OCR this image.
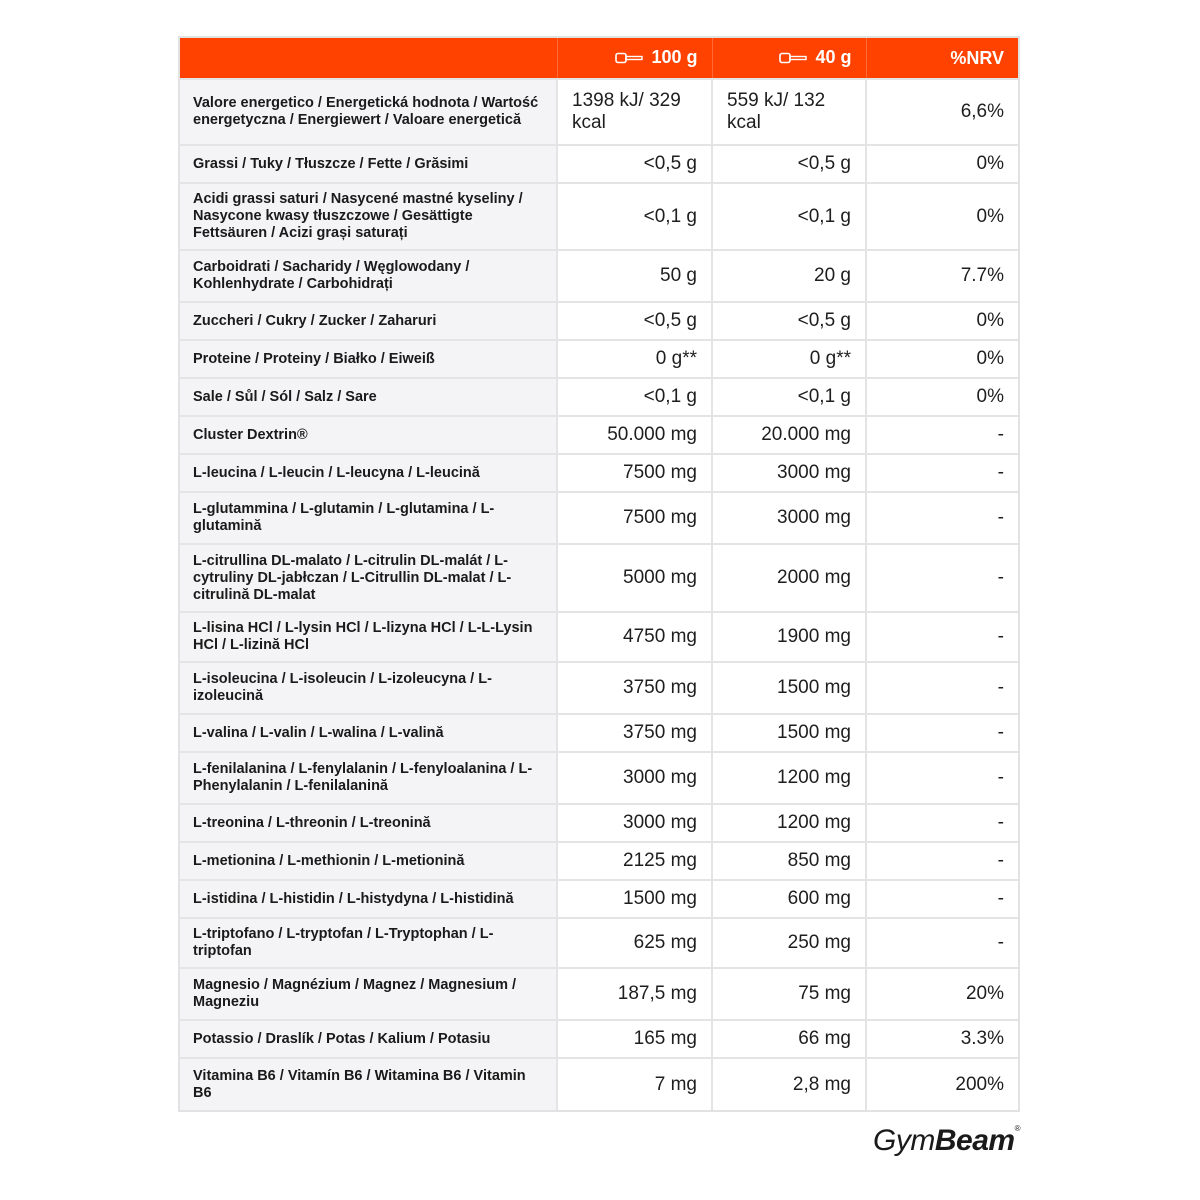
	100 g	40 g	%NRV
Valore energetico / Energetická hodnota / Wartość energetyczna / Energiewert / Valoare energetică	1398 kJ/ 329 kcal	559 kJ/ 132 kcal	6,6%
Grassi / Tuky / Tłuszcze / Fette / Grăsimi	<0,5 g	<0,5 g	0%
Acidi grassi saturi / Nasycené mastné kyseliny / Nasycone kwasy tłuszczowe / Gesättigte Fettsäuren / Acizi grași saturați	<0,1 g	<0,1 g	0%
Carboidrati / Sacharidy / Węglowodany / Kohlenhydrate / Carbohidrați	50 g	20 g	7.7%
Zuccheri / Cukry / Zucker / Zaharuri	<0,5 g	<0,5 g	0%
Proteine / Proteiny / Białko / Eiweiß	0 g**	0 g**	0%
Sale / Sůl / Sól / Salz / Sare	<0,1 g	<0,1 g	0%
Cluster Dextrin®	50.000 mg	20.000 mg	-
L-leucina / L-leucin / L-leucyna / L-leucină	7500 mg	3000 mg	-
L-glutammina / L-glutamin / L-glutamina / L-glutamină	7500 mg	3000 mg	-
L-citrullina DL-malato / L-citrulin DL-malát / L-cytruliny DL-jabłczan / L-Citrullin DL-malat / L-citrulină DL-malat	5000 mg	2000 mg	-
L-lisina HCl / L-lysin HCl / L-lizyna HCl / L-L-Lysin HCl / L-lizină HCl	4750 mg	1900 mg	-
L-isoleucina / L-isoleucin / L-izoleucyna / L-izoleucină	3750 mg	1500 mg	-
L-valina / L-valin / L-walina / L-valină	3750 mg	1500 mg	-
L-fenilalanina / L-fenylalanin / L-fenyloalanina / L-Phenylalanin / L-fenilalanină	3000 mg	1200 mg	-
L-treonina / L-threonin / L-treonină	3000 mg	1200 mg	-
L-metionina / L-methionin / L-metionină	2125 mg	850 mg	-
L-istidina / L-histidin / L-histydyna / L-histidină	1500 mg	600 mg	-
L-triptofano / L-tryptofan / L-Tryptophan / L-triptofan	625 mg	250 mg	-
Magnesio / Magnézium / Magnez / Magnesium / Magneziu	187,5 mg	75 mg	20%
Potassio / Draslík / Potas / Kalium / Potasiu	165 mg	66 mg	3.3%
Vitamina B6 / Vitamín B6 / Witamina B6 / Vitamin B6	7 mg	2,8 mg	200%
GymBeam®
